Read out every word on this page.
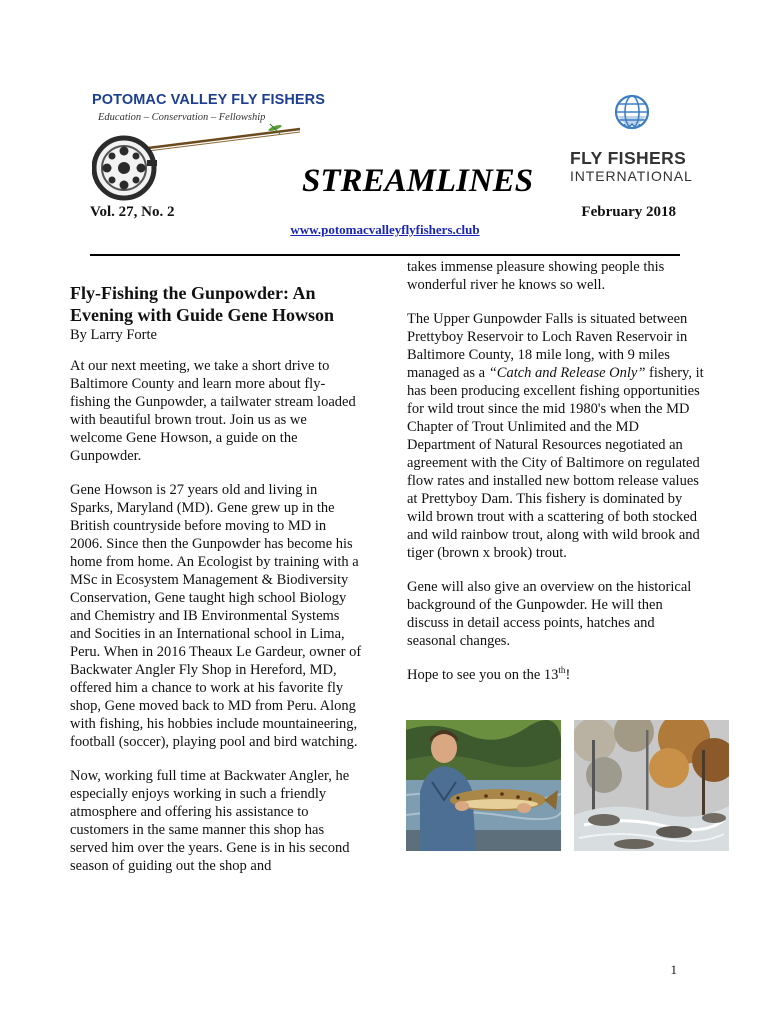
POTOMAC VALLEY FLY FISHERS
Education – Conservation – Fellowship
FLY FISHERS
INTERNATIONAL
STREAMLINES
Vol. 27, No. 2	February 2018
www.potomacvalleyflyfishers.club

Fly-Fishing the Gunpowder: An
Evening with Guide Gene Howson

By Larry Forte

At our next meeting, we take a short drive to Baltimore County and learn more about fly-fishing the Gunpowder, a tailwater stream loaded with beautiful brown trout. Join us as we welcome Gene Howson, a guide on the Gunpowder.

Gene Howson is 27 years old and living in Sparks, Maryland (MD). Gene grew up in the British countryside before moving to MD in 2006. Since then the Gunpowder has become his home from home. An Ecologist by training with a MSc in Ecosystem Management & Biodiversity Conservation, Gene taught high school Biology and Chemistry and IB Environmental Systems and Socities in an International school in Lima, Peru. When in 2016 Theaux Le Gardeur, owner of Backwater Angler Fly Shop in Hereford, MD, offered him a chance to work at his favorite fly shop, Gene moved back to MD from Peru. Along with fishing, his hobbies include mountaineering, football (soccer), playing pool and bird watching.

Now, working full time at Backwater Angler, he especially enjoys working in such a friendly atmosphere and offering his assistance to customers in the same manner this shop has served him over the years. Gene is in his second season of guiding out the shop and

takes immense pleasure showing people this wonderful river he knows so well.

The Upper Gunpowder Falls is situated between Prettyboy Reservoir to Loch Raven Reservoir in Baltimore County, 18 mile long, with 9 miles managed as a “Catch and Release Only” fishery, it has been producing excellent fishing opportunities for wild trout since the mid 1980's when the MD Chapter of Trout Unlimited and the MD Department of Natural Resources negotiated an agreement with the City of Baltimore on regulated flow rates and installed new bottom release values at Prettyboy Dam. This fishery is dominated by wild brown trout with a scattering of both stocked and wild rainbow trout, along with wild brook and tiger (brown x brook) trout.

Gene will also give an overview on the historical background of the Gunpowder. He will then discuss in detail access points, hatches and seasonal changes.

Hope to see you on the 13th!

1
